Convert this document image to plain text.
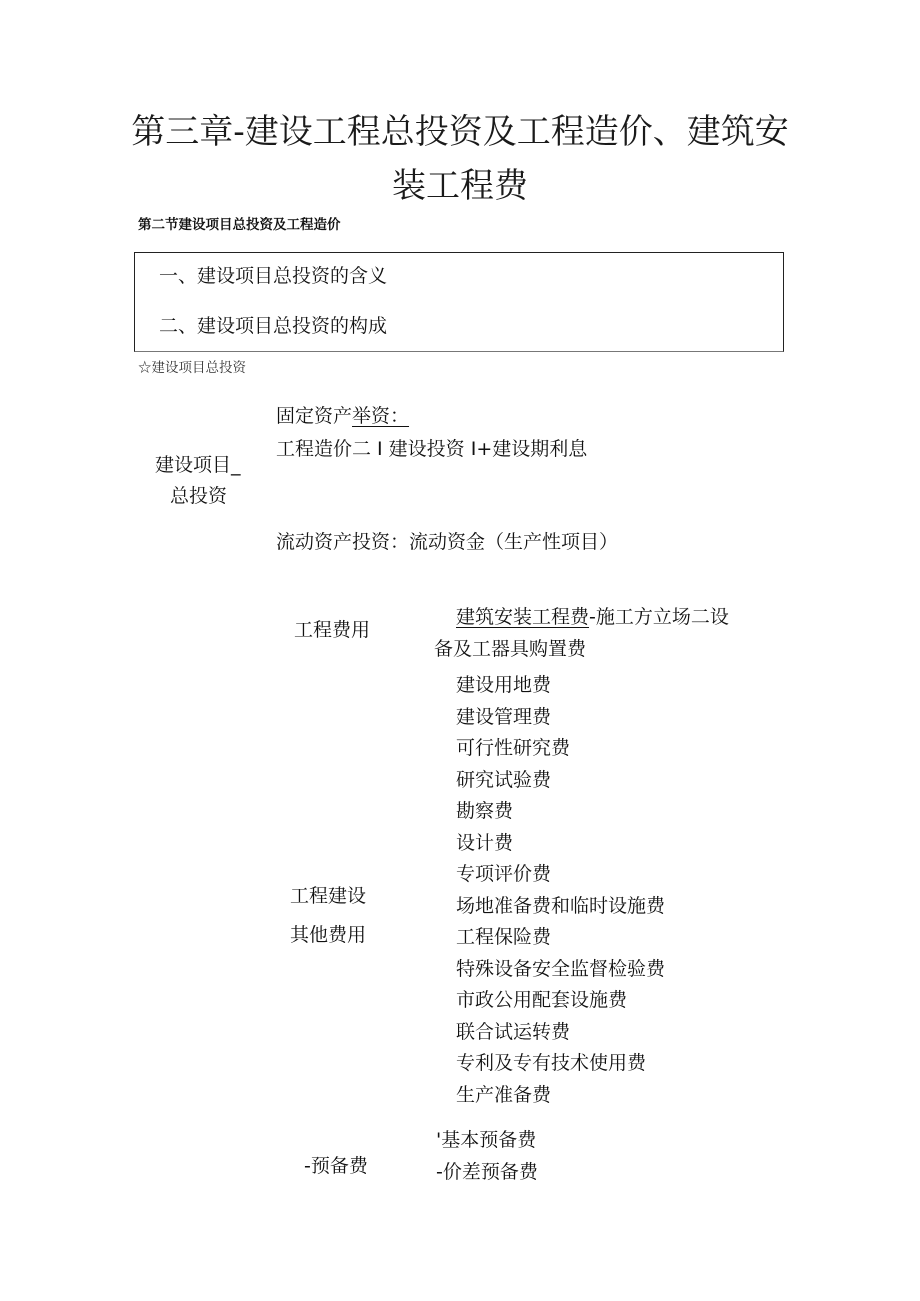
第三章-建设工程总投资及工程造价、建筑安
装工程费
第二节建设项目总投资及工程造价
一、建设项目总投资的含义
二、建设项目总投资的构成
☆建设项目总投资
建设项目_
总投资
固定资产举资：
工程造价二 I 建设投资 I+建设期利息
流动资产投资：流动资金（生产性项目）
工程费用
建筑安装工程费-施工方立场二设
备及工器具购置费
工程建设
其他费用
建设用地费
建设管理费
可行性研究费
研究试验费
勘察费
设计费
专项评价费
场地准备费和临时设施费
工程保险费
特殊设备安全监督检验费
市政公用配套设施费
联合试运转费
专利及专有技术使用费
生产准备费
-预备费
'基本预备费
-价差预备费
